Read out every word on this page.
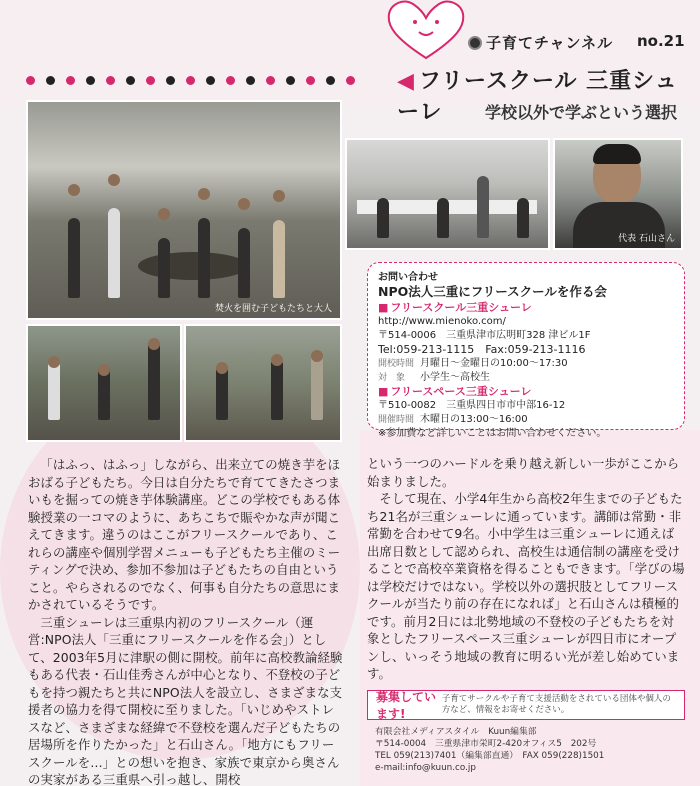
子育てチャンネル no.21
◀ フリースクール 三重シューレ	学校以外で学ぶという選択
焚火を囲む子どもたちと大人
代表 石山さん
お問い合わせ
NPO法人三重にフリースクールを作る会
■ フリースクール三重シューレ
http://www.mienoko.com/
〒514-0006　三重県津市広明町328 津ビル1F
Tel:059-213-1115　Fax:059-213-1116
開校時間 月曜日～金曜日の10:00～17:30
対　象 小学生～高校生
■ フリースペース三重シューレ
〒510-0082　三重県四日市市中部16-12
開催時間 木曜日の13:00～16:00
※参加費など詳しいことはお問い合わせください。

「はふっ、はふっ」しながら、出来立ての焼き芋をほおばる子どもたち。今日は自分たちで育ててきたさつまいもを掘っての焼き芋体験講座。どこの学校でもある体験授業の一コマのように、あちこちで賑やかな声が聞こえてきます。違うのはここがフリースクールであり、これらの講座や個別学習メニューも子どもたち主催のミーティングで決め、参加不参加は子どもたちの自由ということ。やらされるのでなく、何事も自分たちの意思にまかされているそうです。

三重シューレは三重県内初のフリースクール（運営:NPO法人「三重にフリースクールを作る会」）として、2003年5月に津駅の側に開校。前年に高校教論経験もある代表・石山佳秀さんが中心となり、不登校の子どもを持つ親たちと共にNPO法人を設立し、さまざまな支援者の協力を得て開校に至りました。「いじめやストレスなど、さまざまな経緯で不登校を選んだ子どもたちの居場所を作りたかった」と石山さん。「地方にもフリースクールを…」との想いを抱き、家族で東京から奥さんの実家がある三重県へ引っ越し、開校

という一つのハードルを乗り越え新しい一歩がここから始まりました。

そして現在、小学4年生から高校2年生までの子どもたち21名が三重シューレに通っています。講師は常勤・非常勤を合わせて9名。小中学生は三重シューレに通えば出席日数として認められ、高校生は通信制の講座を受けることで高校卒業資格を得ることもできます。「学びの場は学校だけではない。学校以外の選択肢としてフリースクールが当たり前の存在になれば」と石山さんは積極的です。前月2日には北勢地域の不登校の子どもたちを対象としたフリースペース三重シューレが四日市にオープンし、いっそう地域の教育に明るい光が差し始めています。

募集しています!
子育てサークルや子育て支援活動をされている団体や個人の方など、情報をお寄せください。
有限会社メディアスタイル　Kuun編集部
〒514-0004　三重県津市栄町2-420オフィス5　202号
TEL 059(213)7401（編集部直通）　FAX 059(228)1501
e-mail:info@kuun.co.jp
